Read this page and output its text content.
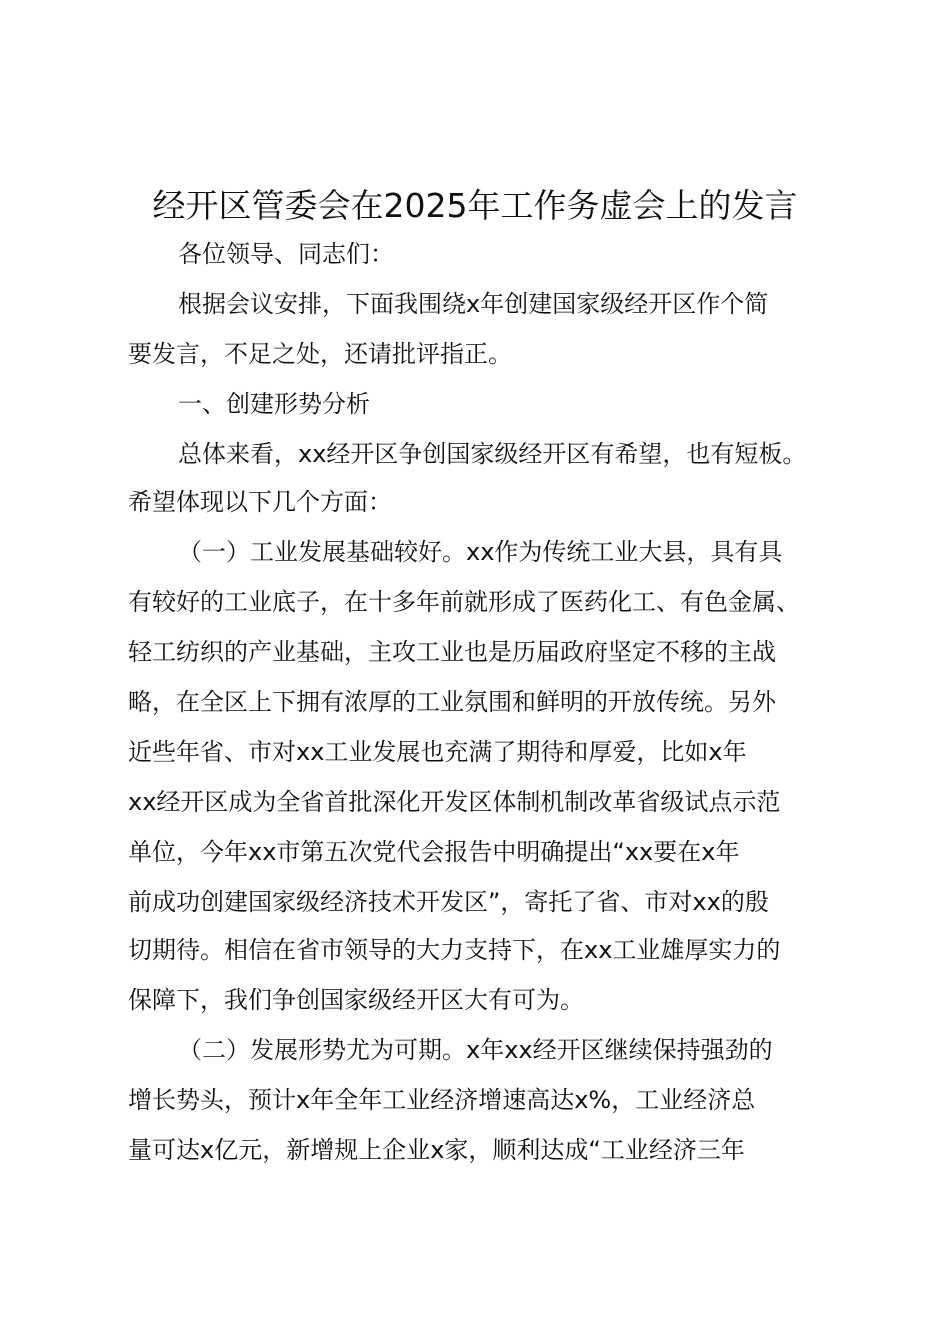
经开区管委会在2025年工作务虚会上的发言
各位领导、同志们：
根据会议安排，下面我围绕x年创建国家级经开区作个简
要发言，不足之处，还请批评指正。
一、创建形势分析
总体来看，xx经开区争创国家级经开区有希望，也有短板。
希望体现以下几个方面：
（一）工业发展基础较好。xx作为传统工业大县，具有具
有较好的工业底子，在十多年前就形成了医药化工、有色金属、
轻工纺织的产业基础，主攻工业也是历届政府坚定不移的主战
略，在全区上下拥有浓厚的工业氛围和鲜明的开放传统。另外
近些年省、市对xx工业发展也充满了期待和厚爱，比如x年
xx经开区成为全省首批深化开发区体制机制改革省级试点示范
单位，今年xx市第五次党代会报告中明确提出“xx要在x年
前成功创建国家级经济技术开发区”，寄托了省、市对xx的殷
切期待。相信在省市领导的大力支持下，在xx工业雄厚实力的
保障下，我们争创国家级经开区大有可为。
（二）发展形势尤为可期。x年xx经开区继续保持强劲的
增长势头，预计x年全年工业经济增速高达x%，工业经济总
量可达x亿元，新增规上企业x家，顺利达成“工业经济三年
